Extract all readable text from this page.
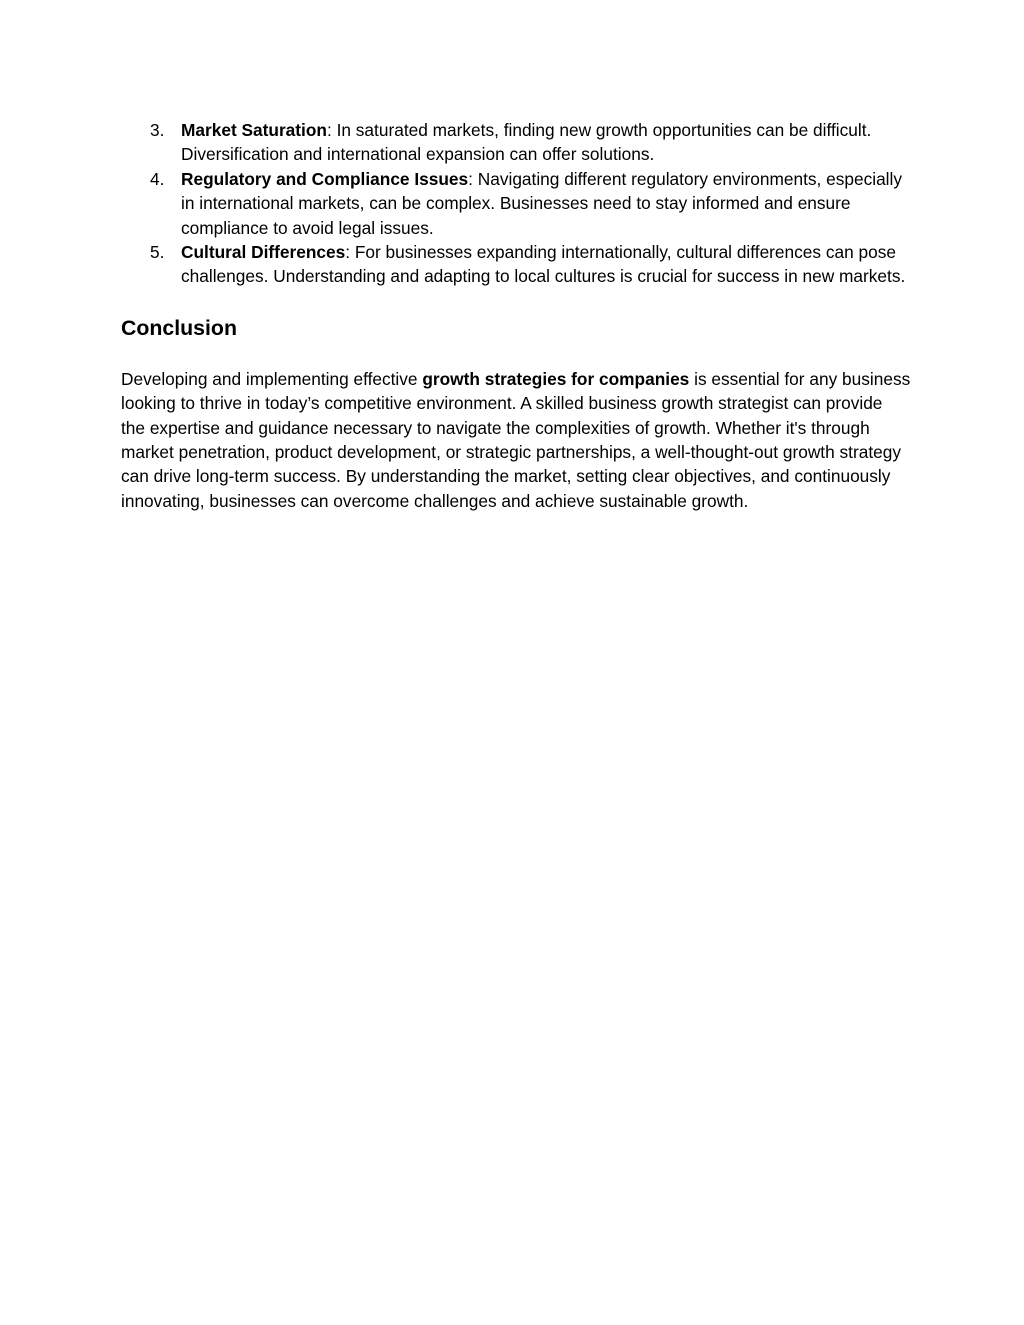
3. Market Saturation: In saturated markets, finding new growth opportunities can be difficult. Diversification and international expansion can offer solutions.
4. Regulatory and Compliance Issues: Navigating different regulatory environments, especially in international markets, can be complex. Businesses need to stay informed and ensure compliance to avoid legal issues.
5. Cultural Differences: For businesses expanding internationally, cultural differences can pose challenges. Understanding and adapting to local cultures is crucial for success in new markets.
Conclusion

Developing and implementing effective growth strategies for companies is essential for any business looking to thrive in today’s competitive environment. A skilled business growth strategist can provide the expertise and guidance necessary to navigate the complexities of growth. Whether it's through market penetration, product development, or strategic partnerships, a well-thought-out growth strategy can drive long-term success. By understanding the market, setting clear objectives, and continuously innovating, businesses can overcome challenges and achieve sustainable growth.
